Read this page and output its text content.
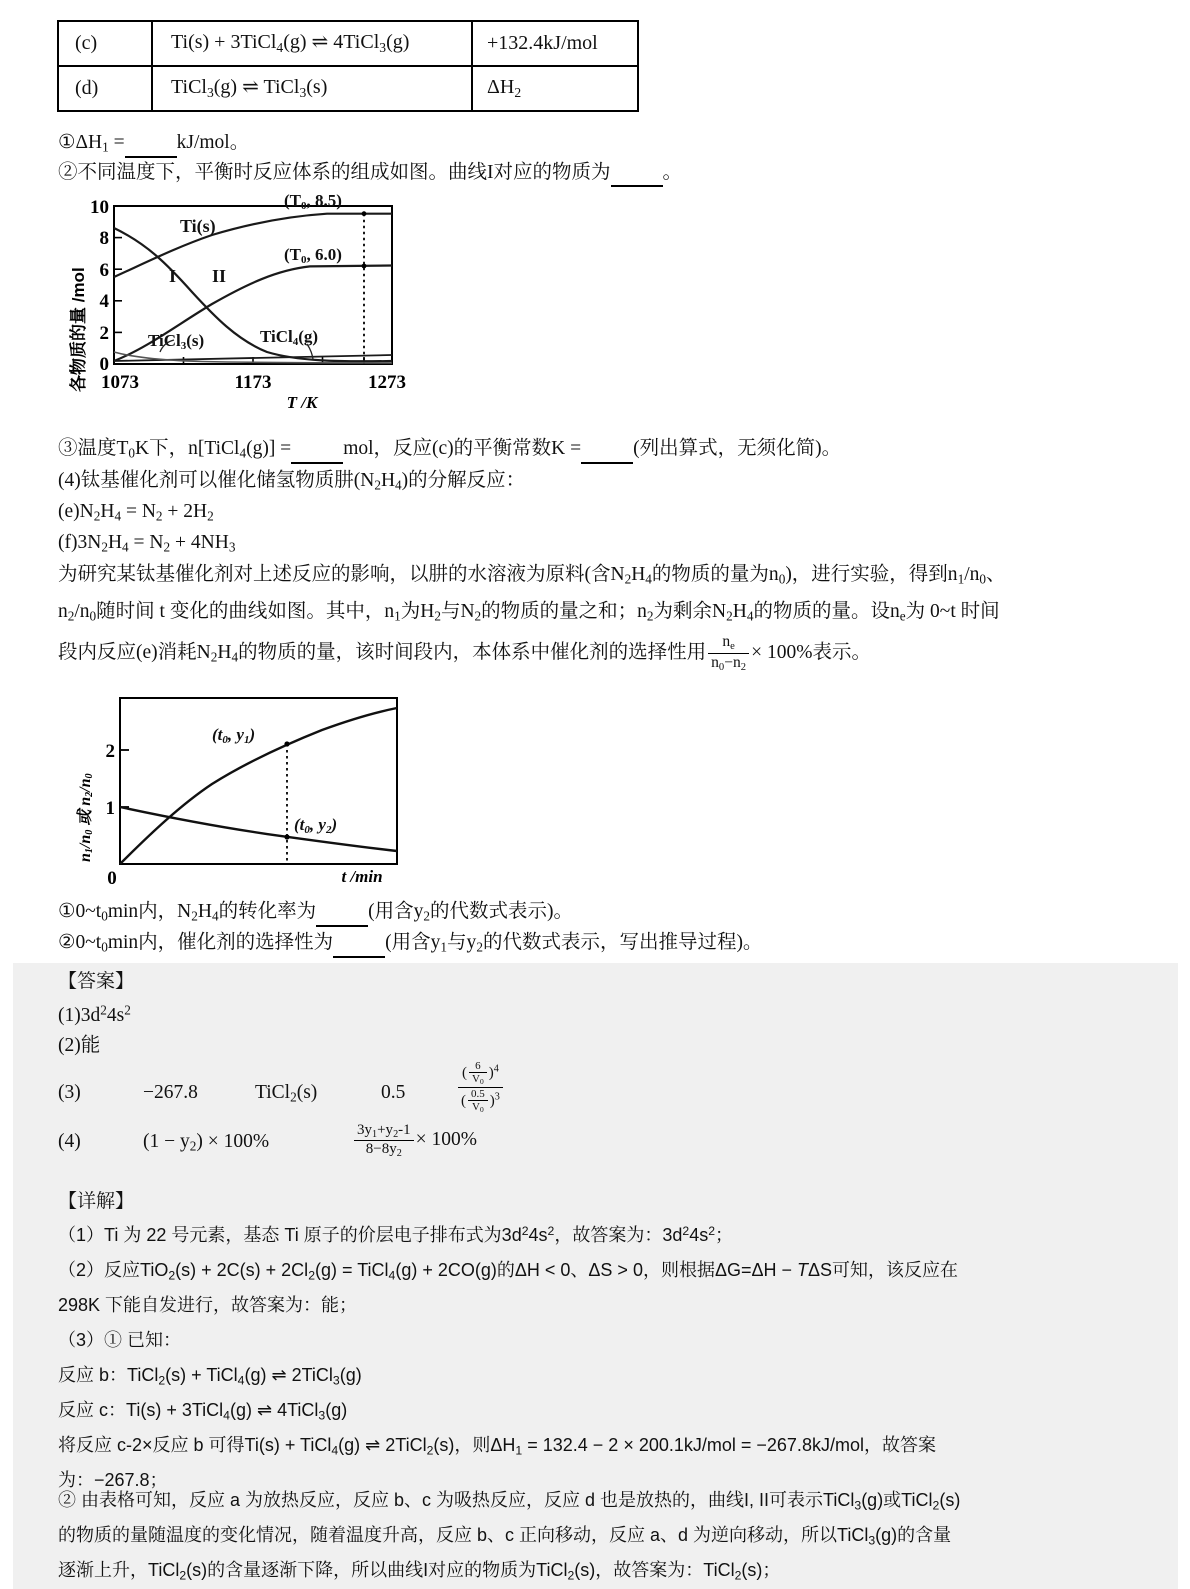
(c)	Ti(s) + 3TiCl$_4$(g) ⇌ 4TiCl$_3$(g)	+132.4kJ/mol
(d)	TiCl$_3$(g) ⇌ TiCl$_3$(s)	$\Delta H_2$
$①\Delta H_1$ =	kJ/mol。
②不同温度下，平衡时反应体系的组成如图。曲线I对应的物质为	。
各物质的量 /mol
10
8
6
4
2
0
1073	1173	1273
T /K
(T0, 8.5)
(T0, 6.0)
Ti(s)
I II
TiCl3(s)	TiCl4(g)
③温度$T_0K$下，n[TiCl$_4$(g)] =	mol，反应(c)的平衡常数K =	(列出算式，无须化简)。
(4)钛基催化剂可以催化储氢物质肼$(N_2H_4)$的分解反应：
$(e)N_2H_4 = N_2 + 2H_2$
$(f)3N_2H_4 = N_2 + 4NH_3$
为研究某钛基催化剂对上述反应的影响，以肼的水溶液为原料(含$N_2H_4$的物质的量为$n_0$)，进行实验，得到$n_1/n_0$、
$n_2/n_0$随时间 t 变化的曲线如图。其中，$n_1$为$H_2$与$N_2$的物质的量之和；$n_2$为剩余$N_2H_4$的物质的量。设$n_e$为 0~t 时间
段内反应(e)消耗$N_2H_4$的物质的量，该时间段内，本体系中催化剂的选择性用 $\frac{n_e}{n_0-n_2} \times 100\%$表示。
n1/n0 或 n2/n0
2
1
0	t /min
(t0, y1)
(t0, y2)
$①0\sim t_0\min$内，$N_2H_4$的转化率为	(用含$y_2$的代数式表示)。
$②0\sim t_0\min$内，催化剂的选择性为	(用含$y_1$与$y_2$的代数式表示，写出推导过程)。
【答案】
$(1)3d^24s^2$
(2)能
(3)	−267.8	TiCl$_2$(s)	0.5	$\frac{( \frac{6}{V_0} )^4}{( \frac{0.5}{V_0} )^3}$
(4)	$(1 - y_2) \times 100\%$	$\frac{3y_1+y_2-1}{8-8y_2} \times 100\%$
【详解】
（1）Ti 为 22 号元素，基态 Ti 原子的价层电子排布式为$3d^24s^2$，故答案为：$3d^24s^2$；
（2）反应$TiO_2(s) + 2C(s) + 2Cl_2(g)$ = TiCl$_4$(g) + 2CO(g)的ΔH < 0、ΔS > 0，则根据ΔG=ΔH − TΔS可知，该反应在
298K 下能自发进行，故答案为：能；
（3）① 已知：
反应 b：TiCl$_2$(s) + TiCl$_4$(g) ⇌ 2TiCl$_3$(g)
反应 c：Ti(s) + 3TiCl$_4$(g) ⇌ 4TiCl$_3$(g)
将反应 c-2×反应 b 可得Ti(s) + TiCl$_4$(g) ⇌ 2TiCl$_2$(s)，则$\Delta H_1 = 132.4 - 2 \times 200.1kJ/mol = -267.8kJ/mol$，故答案
为：−267.8；
② 由表格可知，反应 a 为放热反应，反应 b、c 为吸热反应，反应 d 也是放热的，曲线I, II可表示TiCl$_3$(g)或TiCl$_2$(s)
的物质的量随温度的变化情况，随着温度升高，反应 b、c 正向移动，反应 a、d 为逆向移动，所以TiCl$_3$(g)的含量
逐渐上升，TiCl$_2$(s)的含量逐渐下降，所以曲线I对应的物质为TiCl$_2$(s)，故答案为：TiCl$_2$(s)；
